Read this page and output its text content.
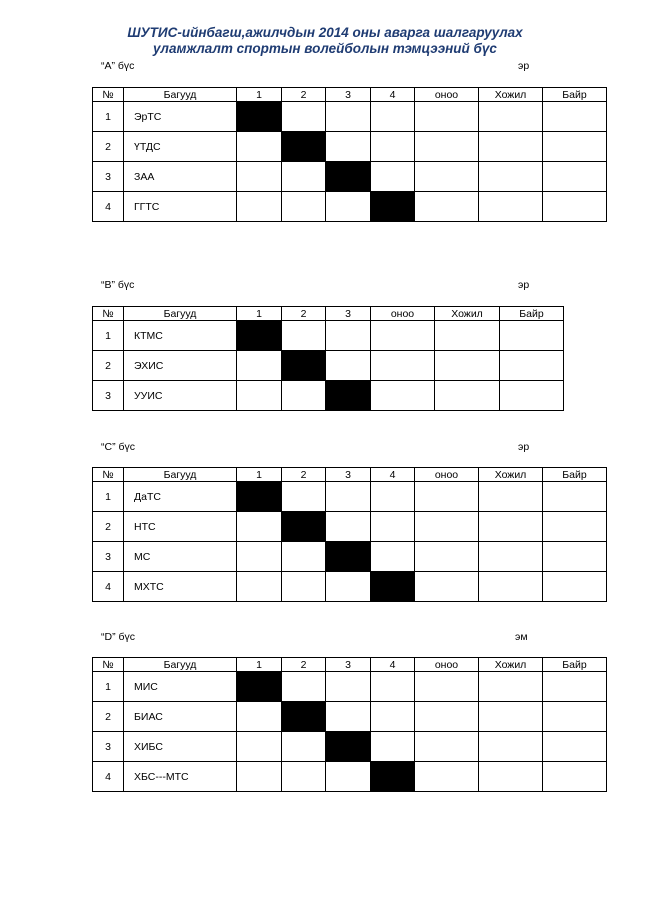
ШУТИС-ийнбагш,ажилчдын 2014 оны аварга шалгаруулах
уламжлалт спортын волейболын тэмцээний бүс
“A” бүс	эр
№	Багууд	1	2	3	4	оноо	Хожил	Байр
1	ЭрТС							
2	ҮТДС							
3	ЗАА							
4	ГГТС							
“B” бүс	эр
№	Багууд	1	2	3	оноо	Хожил	Байр
1	КТМС						
2	ЭХИС						
3	УУИС						
“C” бүс	эр
№	Багууд	1	2	3	4	оноо	Хожил	Байр
1	ДаТС							
2	НТС							
3	МС							
4	МХТС							
“D” бүс	эм
№	Багууд	1	2	3	4	оноо	Хожил	Байр
1	МИС							
2	БИАС							
3	ХИБС							
4	ХБС---МТС							
